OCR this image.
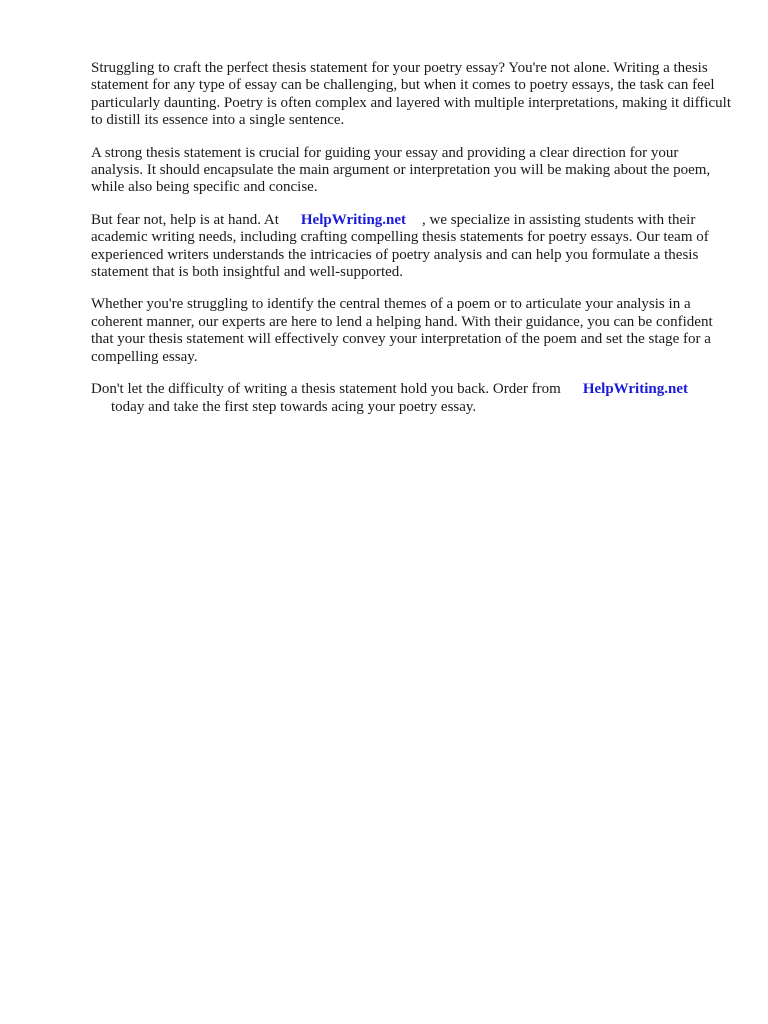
Struggling to craft the perfect thesis statement for your poetry essay? You're not alone. Writing a thesis statement for any type of essay can be challenging, but when it comes to poetry essays, the task can feel particularly daunting. Poetry is often complex and layered with multiple interpretations, making it difficult to distill its essence into a single sentence.

A strong thesis statement is crucial for guiding your essay and providing a clear direction for your analysis. It should encapsulate the main argument or interpretation you will be making about the poem, while also being specific and concise.

But fear not, help is at hand. At HelpWriting.net , we specialize in assisting students with their academic writing needs, including crafting compelling thesis statements for poetry essays. Our team of experienced writers understands the intricacies of poetry analysis and can help you formulate a thesis statement that is both insightful and well-supported.

Whether you're struggling to identify the central themes of a poem or to articulate your analysis in a coherent manner, our experts are here to lend a helping hand. With their guidance, you can be confident that your thesis statement will effectively convey your interpretation of the poem and set the stage for a compelling essay.

Don't let the difficulty of writing a thesis statement hold you back. Order from HelpWriting.net
today and take the first step towards acing your poetry essay.
